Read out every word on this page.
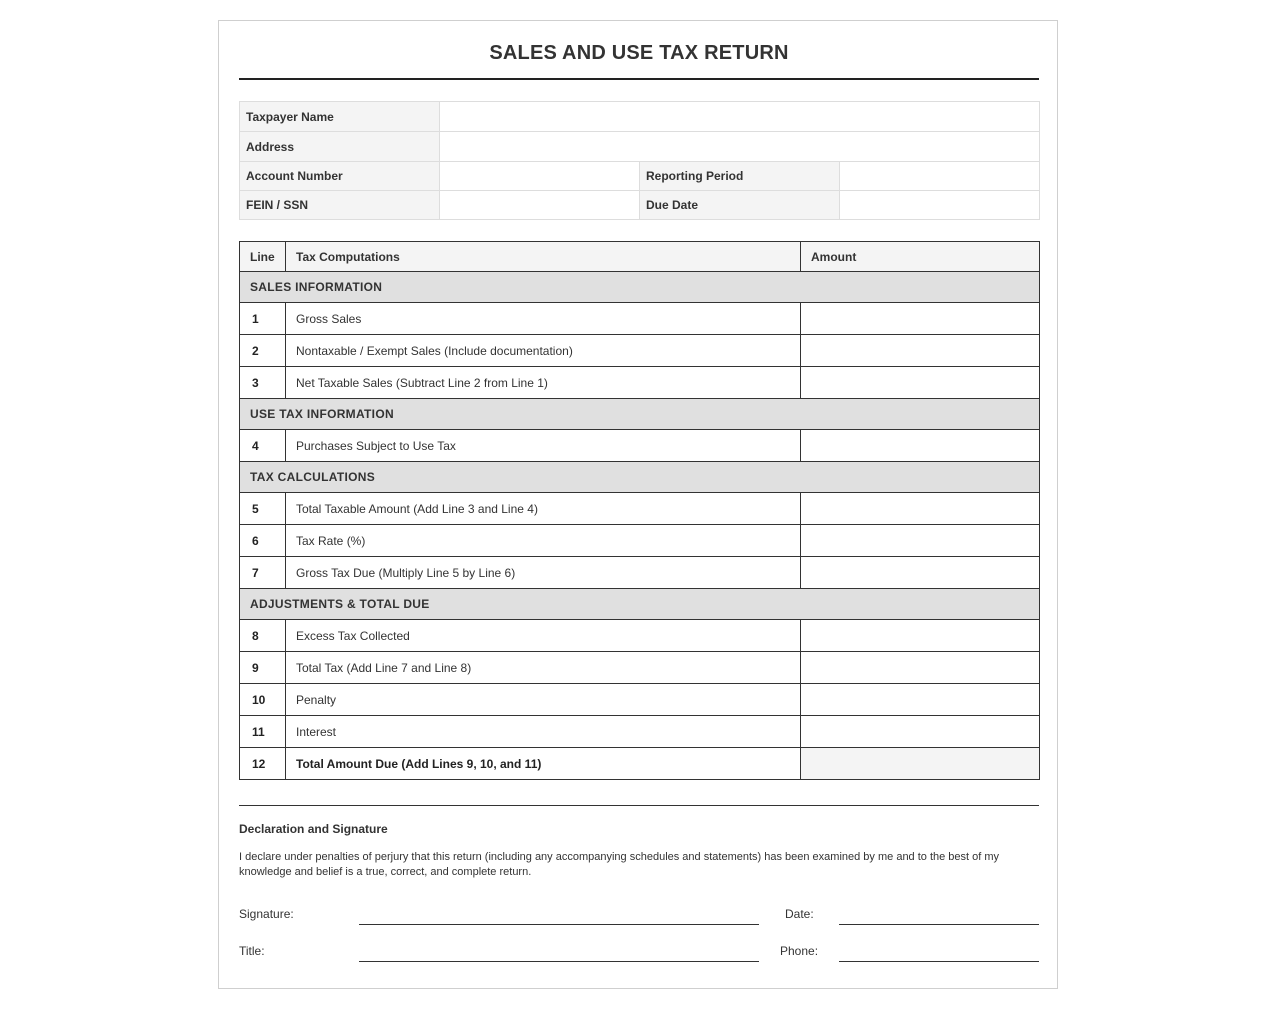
SALES AND USE TAX RETURN
Taxpayer Name			
Address			
Account Number		Reporting Period	
FEIN / SSN		Due Date	
Line	Tax Computations	Amount
SALES INFORMATION		
1	Gross Sales	
2	Nontaxable / Exempt Sales (Include documentation)	
3	Net Taxable Sales (Subtract Line 2 from Line 1)	
USE TAX INFORMATION		
4	Purchases Subject to Use Tax	
TAX CALCULATIONS		
5	Total Taxable Amount (Add Line 3 and Line 4)	
6	Tax Rate (%)	
7	Gross Tax Due (Multiply Line 5 by Line 6)	
ADJUSTMENTS & TOTAL DUE		
8	Excess Tax Collected	
9	Total Tax (Add Line 7 and Line 8)	
10	Penalty	
11	Interest	
12	Total Amount Due (Add Lines 9, 10, and 11)	
Declaration and Signature
I declare under penalties of perjury that this return (including any accompanying schedules and statements) has been examined by me and to the best of my knowledge and belief is a true, correct, and complete return.
Signature:	Date:
Title:	Phone:
